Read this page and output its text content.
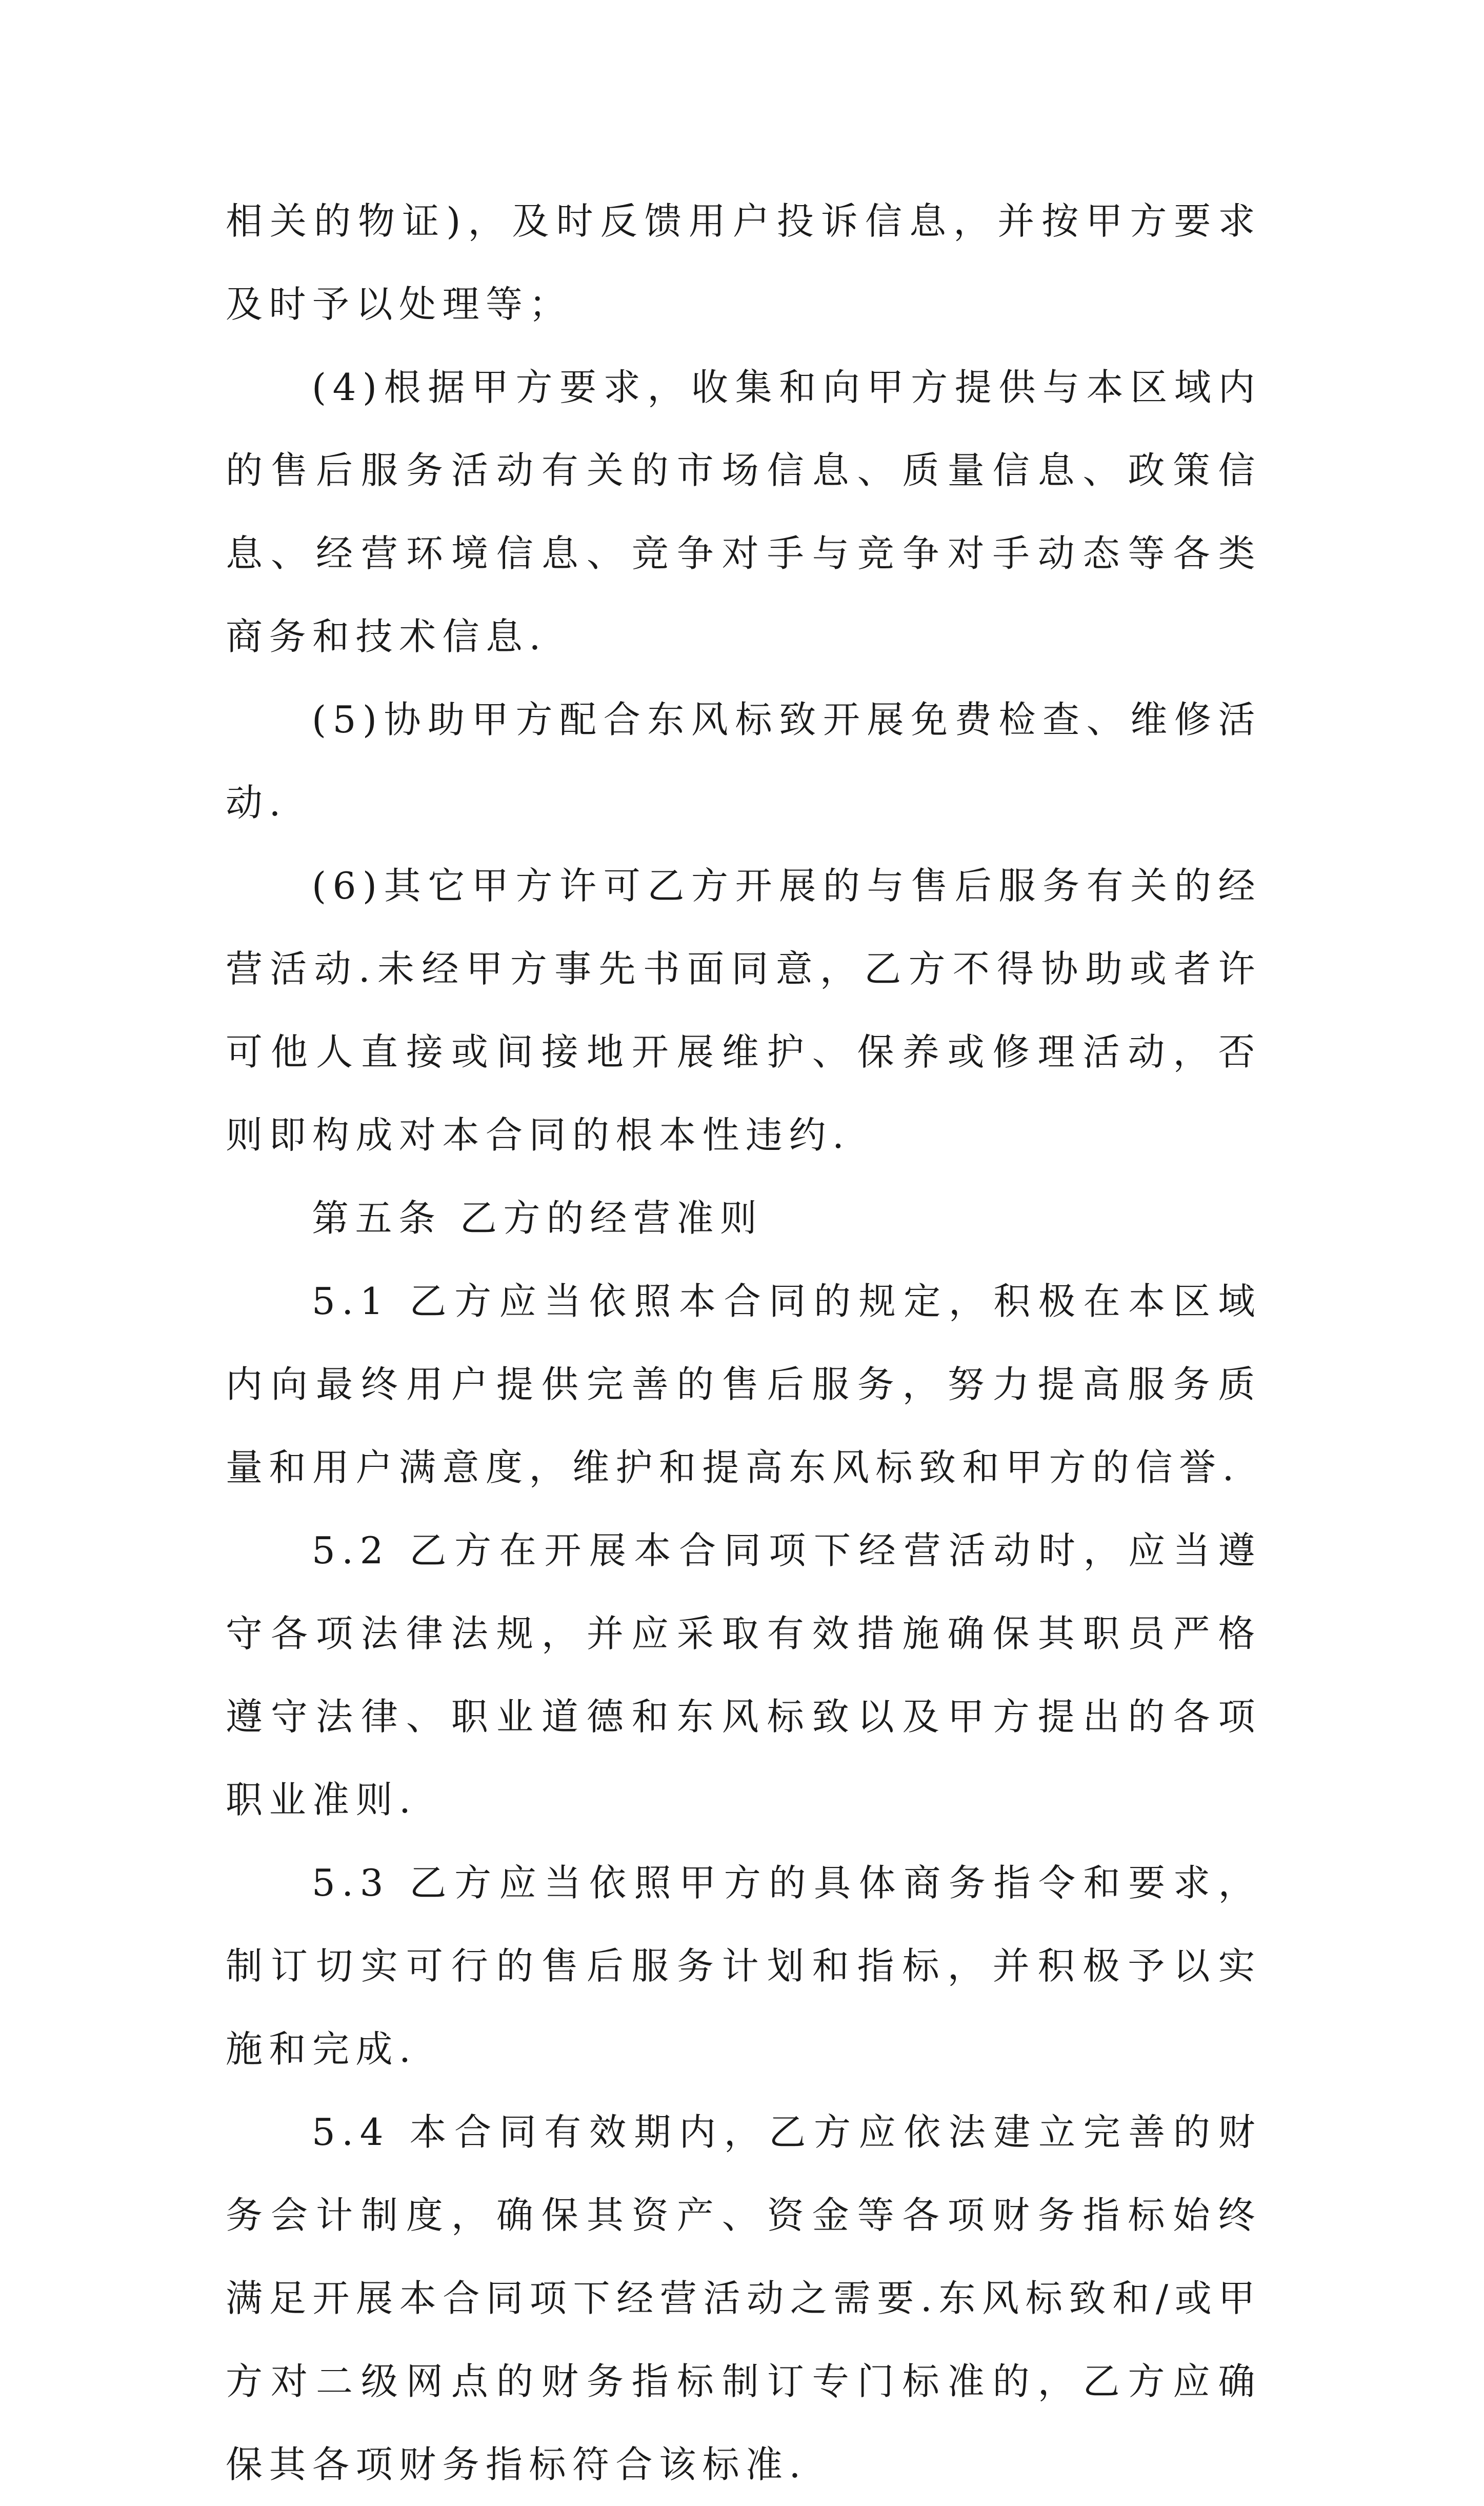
相关的物证)，及时反馈用户投诉信息，并按甲方要求及时予以处理等；

(4)根据甲方要求，收集和向甲方提供与本区域内的售后服务活动有关的市场信息、质量信息、政策信息、经营环境信息、竞争对手与竞争对手动态等各类商务和技术信息.

(5)协助甲方配合东风标致开展免费检查、维修活动.

(6)其它甲方许可乙方开展的与售后服务有关的经营活动.未经甲方事先书面同意，乙方不得协助或者许可他人直接或间接地开展维护、保养或修理活动，否则即构成对本合同的根本性违约.

第五条 乙方的经营准则

5.1 乙方应当依照本合同的规定，积极在本区域内向最终用户提供完善的售后服务，努力提高服务质量和用户满意度，维护和提高东风标致和甲方的信誉.

5.2 乙方在开展本合同项下经营活动时，应当遵守各项法律法规，并应采取有效措施确保其职员严格遵守法律、职业道德和东风标致以及甲方提出的各项职业准则.

5.3 乙方应当依照甲方的具体商务指令和要求，制订切实可行的售后服务计划和指标，并积极予以实施和完成.

5.4 本合同有效期内，乙方应依法建立完善的财务会计制度，确保其资产、资金等各项财务指标始终满足开展本合同项下经营活动之需要.东风标致和/或甲方对二级网点的财务指标制订专门标准的，乙方应确保其各项财务指标符合该标准.
